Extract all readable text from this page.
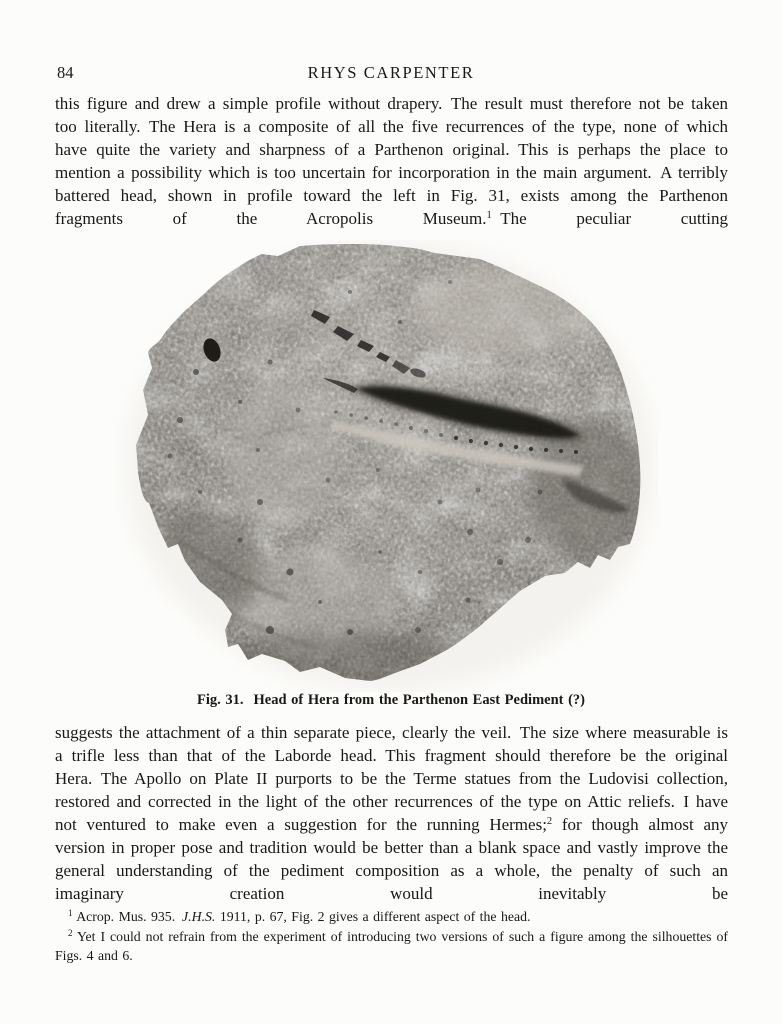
84	RHYS CARPENTER

this figure and drew a simple profile without drapery. The result must therefore not be taken too literally. The Hera is a composite of all the five recurrences of the type, none of which have quite the variety and sharpness of a Parthenon original. This is perhaps the place to mention a possibility which is too uncertain for incorporation in the main argument. A terribly battered head, shown in profile toward the left in Fig. 31, exists among the Parthenon fragments of the Acropolis Museum.$^1$ The peculiar cutting

Fig. 31. Head of Hera from the Parthenon East Pediment (?)

suggests the attachment of a thin separate piece, clearly the veil. The size where measurable is a trifle less than that of the Laborde head. This fragment should therefore be the original Hera. The Apollo on Plate II purports to be the Terme statues from the Ludovisi collection, restored and corrected in the light of the other recurrences of the type on Attic reliefs. I have not ventured to make even a suggestion for the running Hermes;$^2$ for though almost any version in proper pose and tradition would be better than a blank space and vastly improve the general understanding of the pediment composition as a whole, the penalty of such an imaginary creation would inevitably be

$^1$ Acrop. Mus. 935. J.H.S. 1911, p. 67, Fig. 2 gives a different aspect of the head.

$^2$ Yet I could not refrain from the experiment of introducing two versions of such a figure among the silhouettes of Figs. 4 and 6.
